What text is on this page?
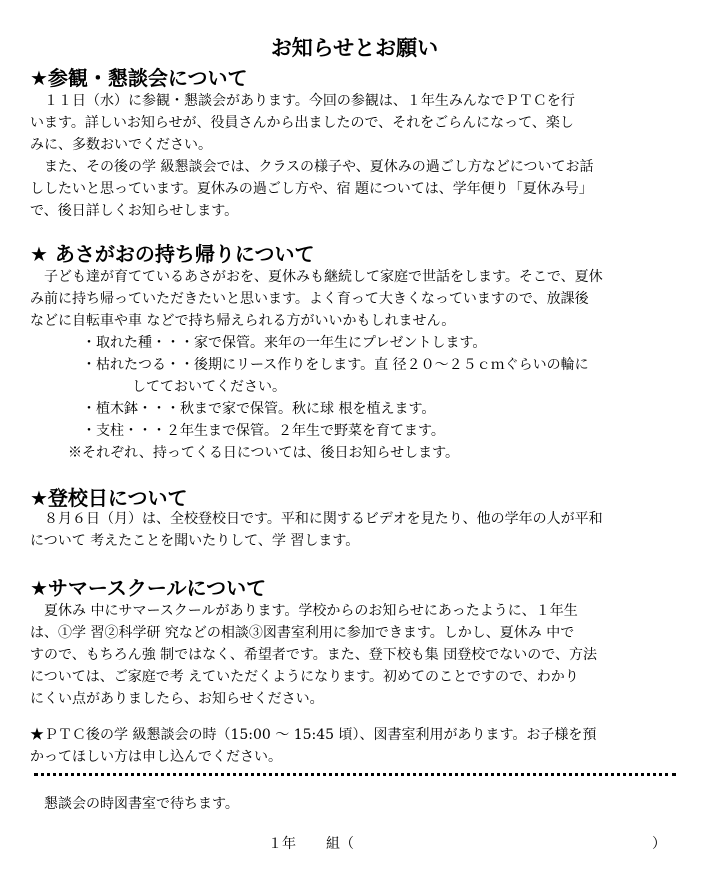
お知らせとお願い
★参観・懇談会について
　１１日（水）に参観・懇談会があります。今回の参観は、１年生みんなでＰＴＣを行
います。詳しいお知らせが、役員さんから出ましたので、それをごらんになって、楽し
みに、多数おいでください。
　また、その後の学 級懇談会では、クラスの様子や、夏休みの過ごし方などについてお話
ししたいと思っています。夏休みの過ごし方や、宿 題については、学年便り「夏休み号」
で、後日詳しくお知らせします。
★ あさがおの持ち帰りについて
　子ども達が育てているあさがおを、夏休みも継続して家庭で世話をします。そこで、夏休
み前に持ち帰っていただきたいと思います。よく育って大きくなっていますので、放課後
などに自転車や車 などで持ち帰えられる方がいいかもしれません。
・取れた種・・・家で保管。来年の一年生にプレゼントします。
・枯れたつる・・後期にリース作りをします。直 径２０～２５ｃｍぐらいの輪に
してておいてください。
・植木鉢・・・秋まで家で保管。秋に球 根を植えます。
・支柱・・・２年生まで保管。２年生で野菜を育てます。
※それぞれ、持ってくる日については、後日お知らせします。
★登校日について
　８月６日（月）は、全校登校日です。平和に関するビデオを見たり、他の学年の人が平和
について 考えたことを聞いたりして、学 習します。
★サマースクールについて
　夏休み 中にサマースクールがあります。学校からのお知らせにあったように、１年生
は、①学 習②科学研 究などの相談③図書室利用に参加できます。しかし、夏休み 中で
すので、もちろん強 制ではなく、希望者です。また、登下校も集 団登校でないので、方法
については、ご家庭で考 えていただくようになります。初めてのことですので、わかり
にくい点がありましたら、お知らせください。
★ＰＴＣ後の学 級懇談会の時（15:00 ～ 15:45 頃）、図書室利用があります。お子様を預
かってほしい方は申し込んでください。
懇談会の時図書室で待ちます。
１年 組（	）
